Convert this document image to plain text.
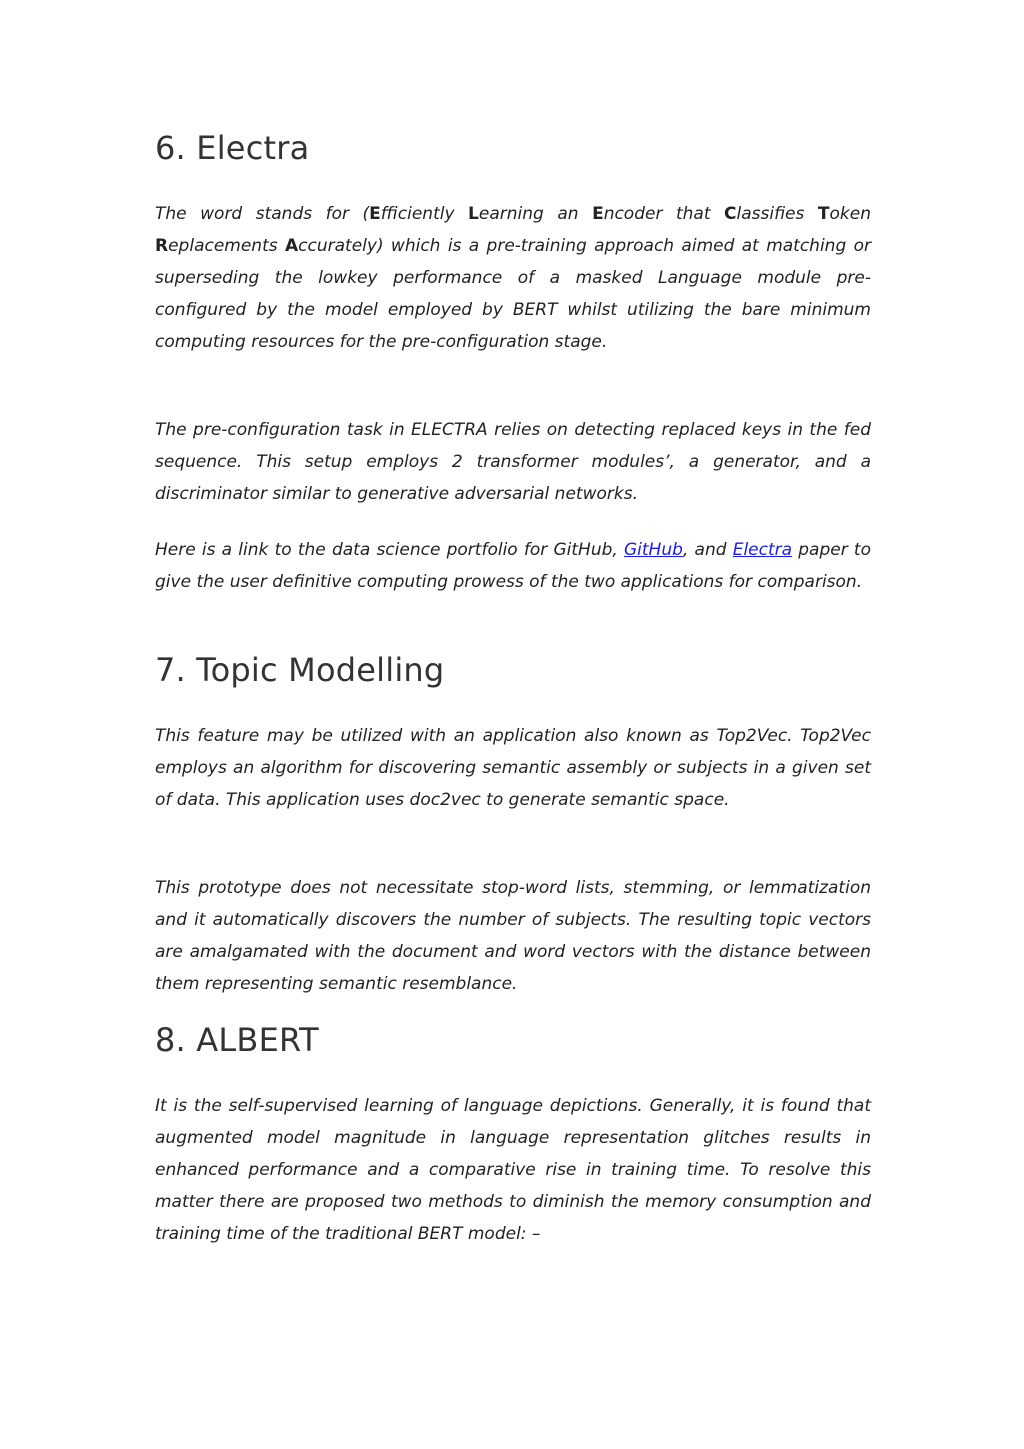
6. Electra

The word stands for (Efficiently Learning an Encoder that Classifies Token Replacements Accurately) which is a pre-training approach aimed at matching or superseding the lowkey performance of a masked Language module pre-configured by the model employed by BERT whilst utilizing the bare minimum computing resources for the pre-configuration stage.

The pre-configuration task in ELECTRA relies on detecting replaced keys in the fed sequence. This setup employs 2 transformer modules’, a generator, and a discriminator similar to generative adversarial networks.

Here is a link to the data science portfolio for GitHub, GitHub, and Electra paper to give the user definitive computing prowess of the two applications for comparison.

7. Topic Modelling

This feature may be utilized with an application also known as Top2Vec. Top2Vec employs an algorithm for discovering semantic assembly or subjects in a given set of data. This application uses doc2vec to generate semantic space.

This prototype does not necessitate stop-word lists, stemming, or lemmatization and it automatically discovers the number of subjects. The resulting topic vectors are amalgamated with the document and word vectors with the distance between them representing semantic resemblance.

8. ALBERT

It is the self-supervised learning of language depictions. Generally, it is found that augmented model magnitude in language representation glitches results in enhanced performance and a comparative rise in training time. To resolve this matter there are proposed two methods to diminish the memory consumption and training time of the traditional BERT model: –
